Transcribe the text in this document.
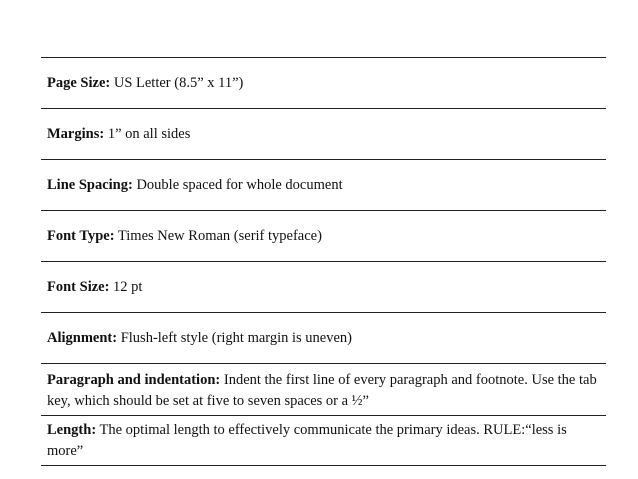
Page Size: US Letter (8.5” x 11”)
Margins: 1” on all sides
Line Spacing: Double spaced for whole document
Font Type: Times New Roman (serif typeface)
Font Size: 12 pt
Alignment: Flush-left style (right margin is uneven)
Paragraph and indentation: Indent the first line of every paragraph and footnote. Use the tab key, which should be set at five to seven spaces or a ½”
Length: The optimal length to effectively communicate the primary ideas. RULE:“less is more”
